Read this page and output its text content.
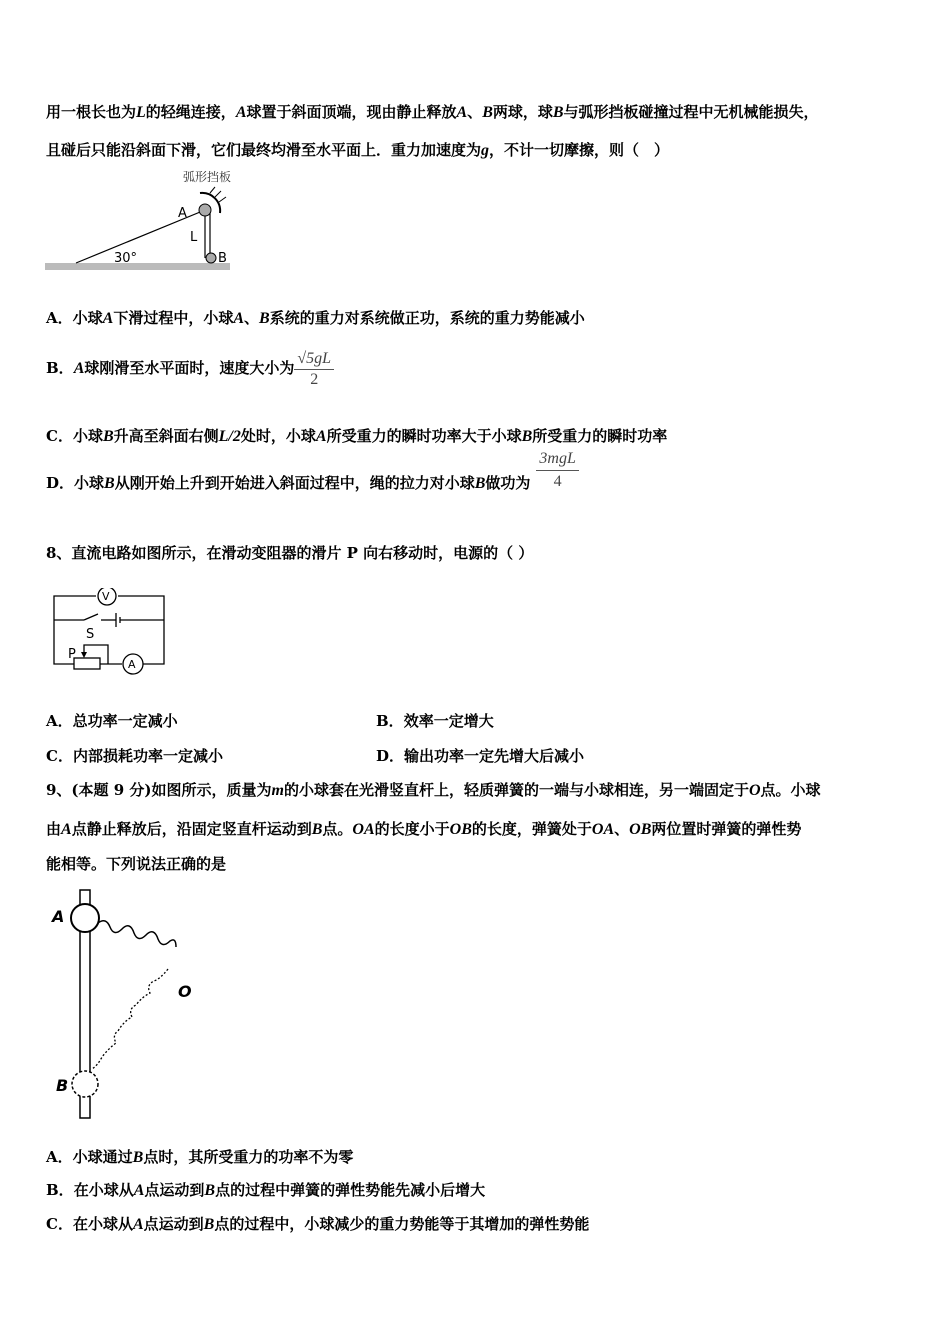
用一根长也为L的轻绳连接，A球置于斜面顶端，现由静止释放A、B两球，球B与弧形挡板碰撞过程中无机械能损失，
且碰后只能沿斜面下滑，它们最终均滑至水平面上．重力加速度为g，不计一切摩擦，则（　）
弧形挡板
A
L
B
30°
A．小球A下滑过程中，小球A、B系统的重力对系统做正功，系统的重力势能减小
B．A球刚滑至水平面时，速度大小为 $\frac{√5gL}{2}$
C．小球B升高至斜面右侧L/2处时，小球A所受重力的瞬时功率大于小球B所受重力的瞬时功率
D．小球B从刚开始上升到开始进入斜面过程中，绳的拉力对小球B做功为 $\frac{\text{3mgL}}{4}$
8、直流电路如图所示，在滑动变阻器的滑片 P 向右移动时，电源的（ ）
V
A
S
P
A．总功率一定减小	B．效率一定增大
C．内部损耗功率一定减小	D．输出功率一定先增大后减小
9、(本题 9 分)如图所示，质量为m的小球套在光滑竖直杆上，轻质弹簧的一端与小球相连，另一端固定于O点。小球
由A点静止释放后，沿固定竖直杆运动到B点。OA的长度小于OB的长度，弹簧处于OA、OB两位置时弹簧的弹性势
能相等。下列说法正确的是
A
O
B
A．小球通过B点时，其所受重力的功率不为零
B．在小球从A点运动到B点的过程中弹簧的弹性势能先减小后增大
C．在小球从A点运动到B点的过程中，小球减少的重力势能等于其增加的弹性势能
